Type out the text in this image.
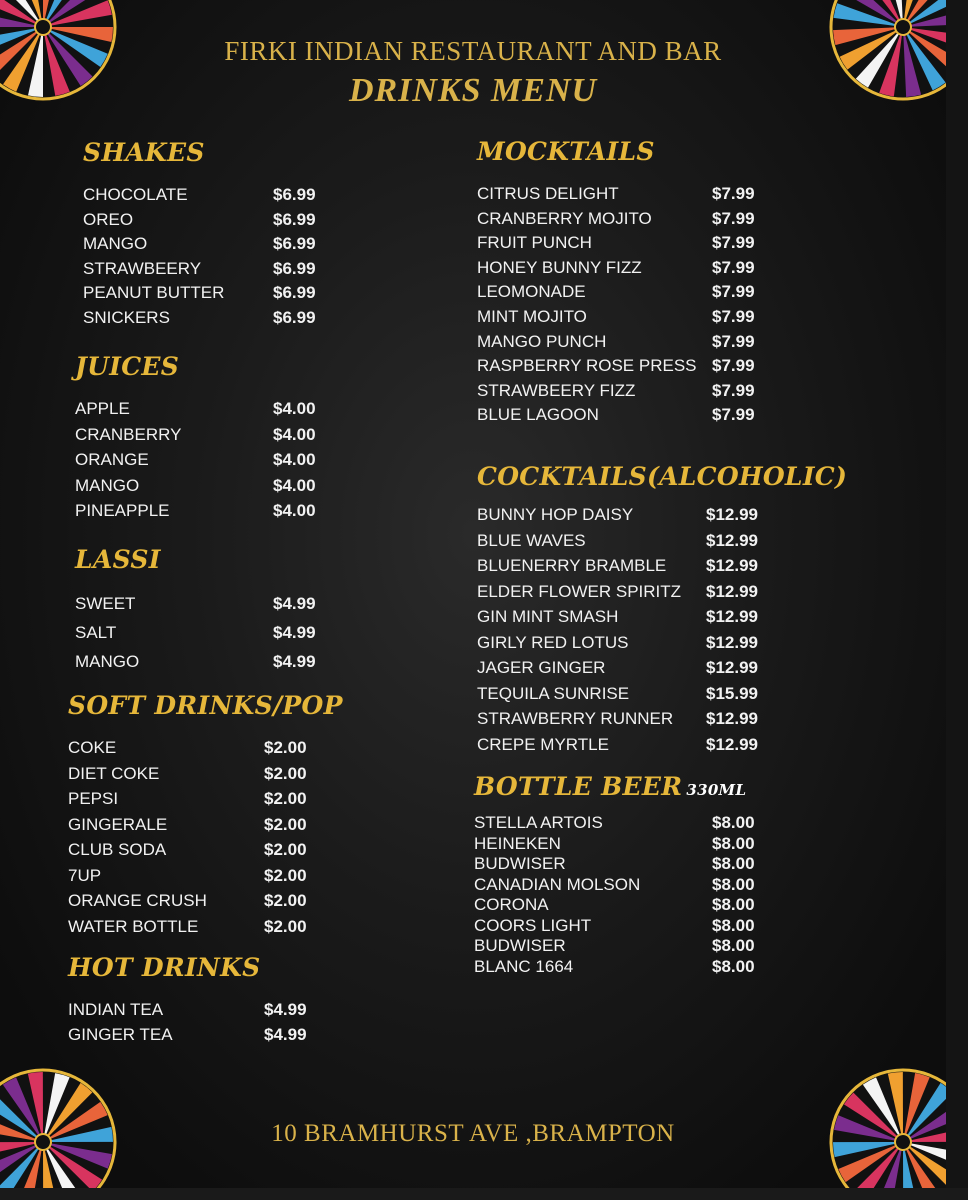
FIRKI INDIAN RESTAURANT AND BAR
DRINKS MENU
SHAKES
CHOCOLATE	$6.99
OREO	$6.99
MANGO	$6.99
STRAWBEERY	$6.99
PEANUT BUTTER	$6.99
SNICKERS	$6.99
JUICES
APPLE	$4.00
CRANBERRY	$4.00
ORANGE	$4.00
MANGO	$4.00
PINEAPPLE	$4.00
LASSI
SWEET	$4.99
SALT	$4.99
MANGO	$4.99
SOFT DRINKS/POP
COKE	$2.00
DIET COKE	$2.00
PEPSI	$2.00
GINGERALE	$2.00
CLUB SODA	$2.00
7UP	$2.00
ORANGE CRUSH	$2.00
WATER BOTTLE	$2.00
HOT DRINKS
INDIAN TEA	$4.99
GINGER TEA	$4.99
MOCKTAILS
CITRUS DELIGHT	$7.99
CRANBERRY MOJITO	$7.99
FRUIT PUNCH	$7.99
HONEY BUNNY FIZZ	$7.99
LEOMONADE	$7.99
MINT MOJITO	$7.99
MANGO PUNCH	$7.99
RASPBERRY ROSE PRESS $7.99
STRAWBEERY FIZZ	$7.99
BLUE LAGOON	$7.99
COCKTAILS(ALCOHOLIC)
BUNNY HOP DAISY	$12.99
BLUE WAVES	$12.99
BLUENERRY BRAMBLE $12.99
ELDER FLOWER SPIRITZ $12.99
GIN MINT SMASH	$12.99
GIRLY RED LOTUS	$12.99
JAGER GINGER	$12.99
TEQUILA SUNRISE	$15.99
STRAWBERRY RUNNER $12.99
CREPE MYRTLE	$12.99
BOTTLE BEER 330ML
STELLA ARTOIS	$8.00
HEINEKEN	$8.00
BUDWISER	$8.00
CANADIAN MOLSON	$8.00
CORONA	$8.00
COORS LIGHT	$8.00
BUDWISER	$8.00
BLANC 1664	$8.00
10 BRAMHURST AVE ,BRAMPTON
